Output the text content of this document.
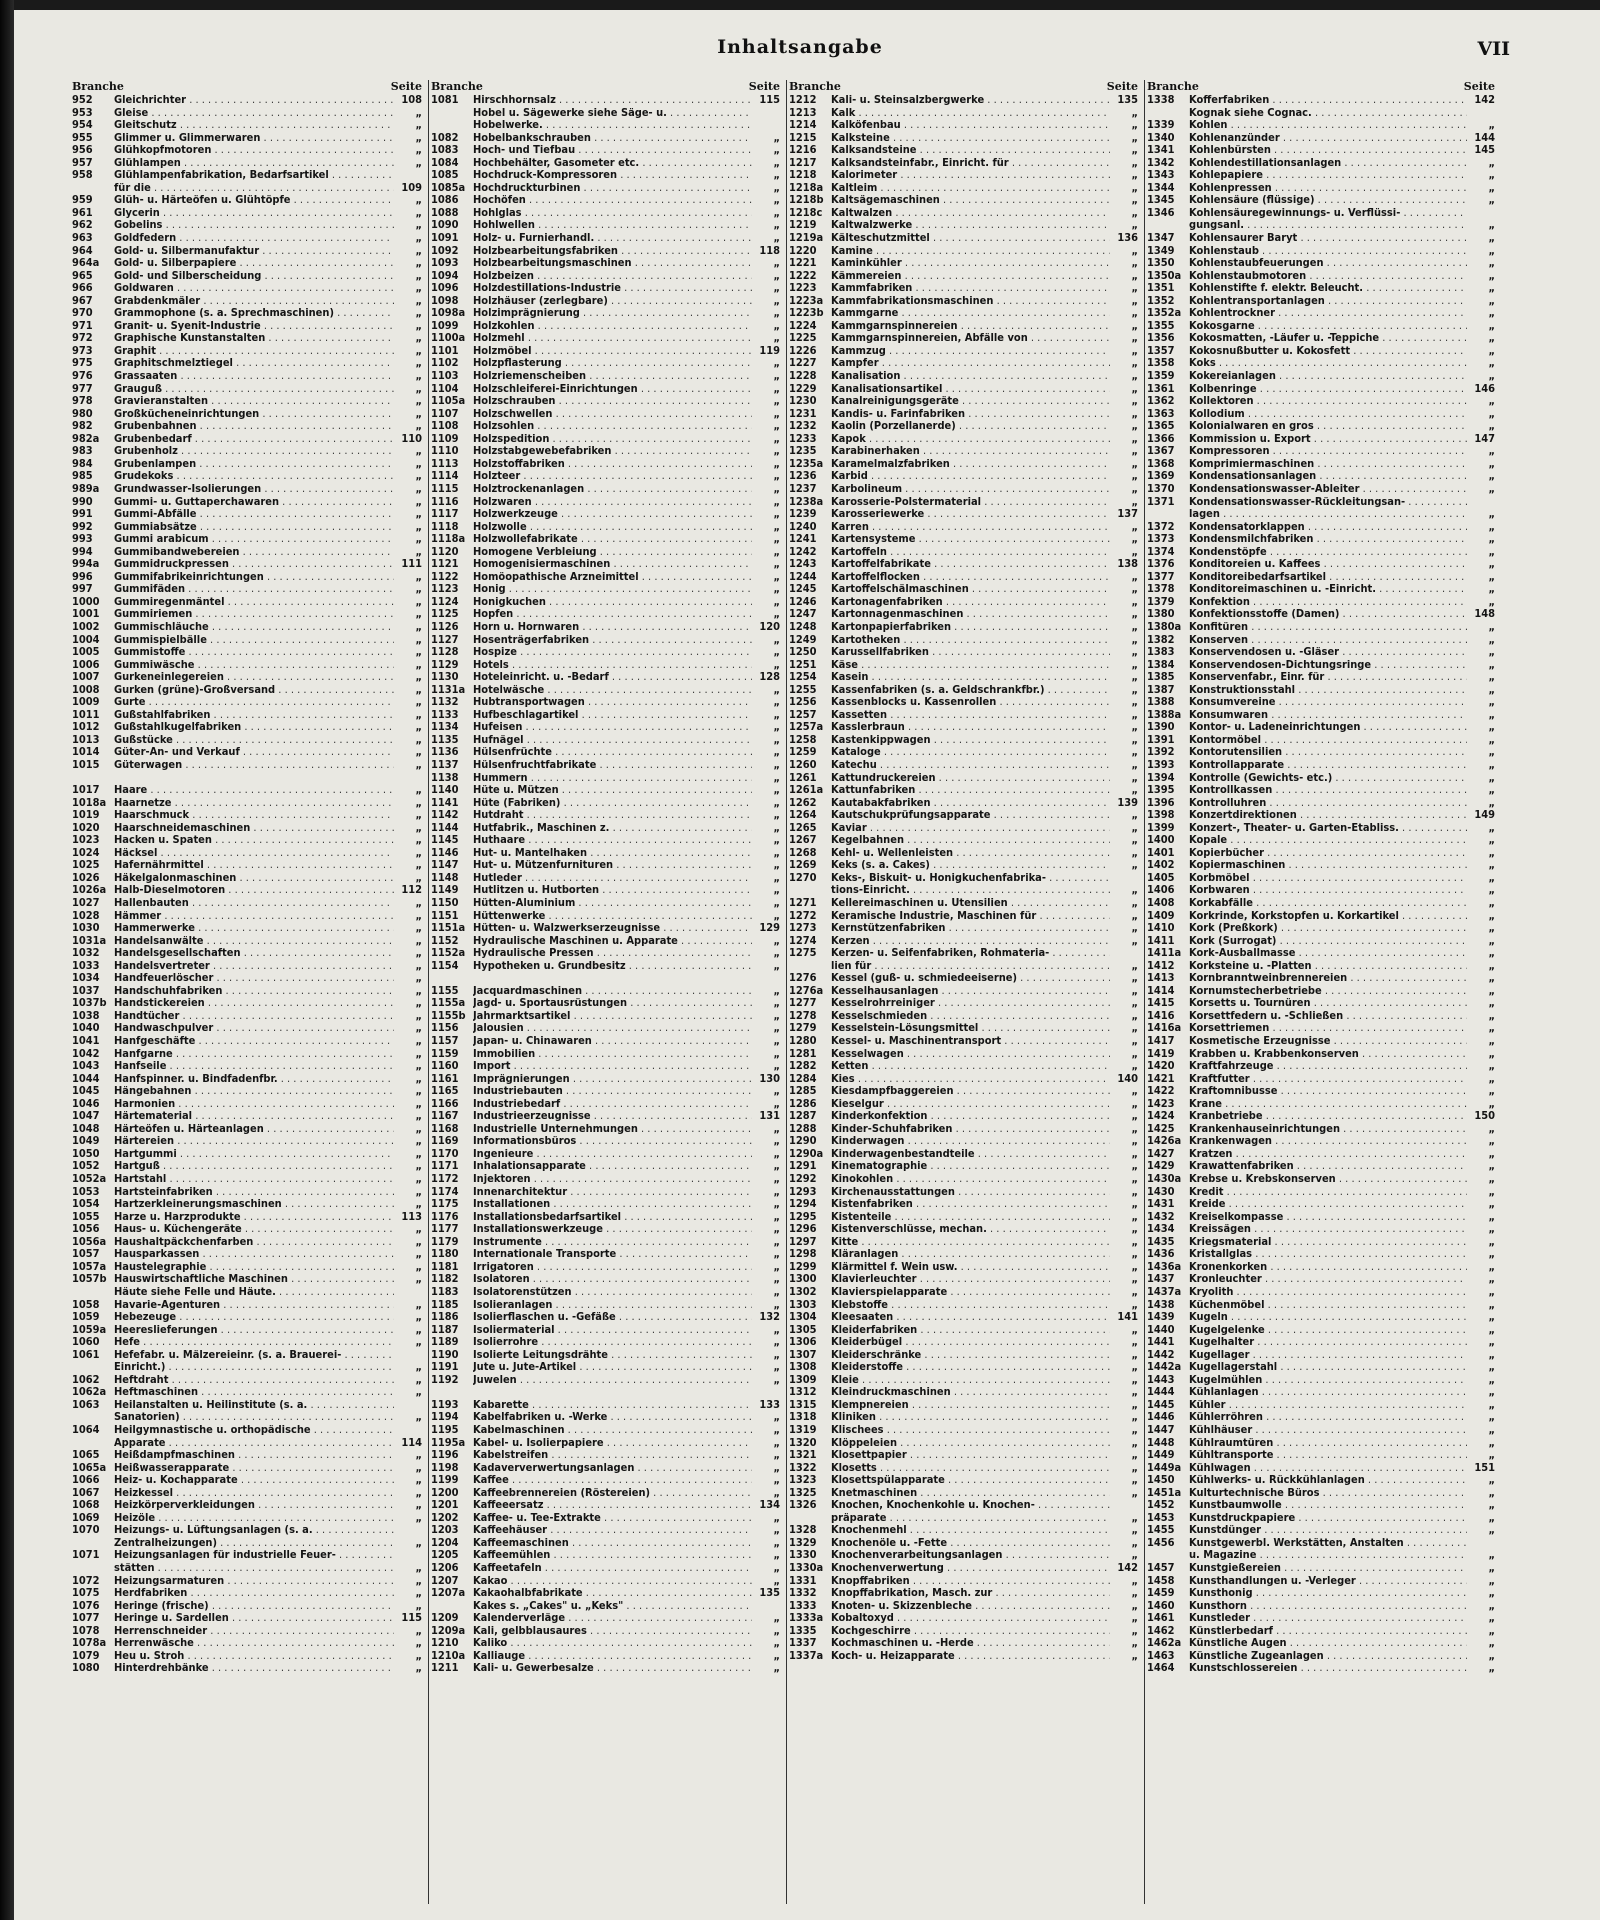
Inhaltsangabe	VII
Branche	Seite
952	Gleichrichter . . .	108
953	Gleise . . .	„
954	Gleitschutz . . .	„
955	Glimmer u. Glimmerwaren . . .	„
956	Glühkopfmotoren . . .	„
957	Glühlampen . . .	„
958	Glühlampenfabrikation, Bedarfsartikel . . .
für die . . .	109
959	Glüh- u. Härteöfen u. Glühtöpfe . . .	„
961	Glycerin . . .	„
962	Gobelins . . .	„
963	Goldfedern . . .	„
964	Gold- u. Silbermanufaktur . . .	„
964a	Gold- u. Silberpapiere . . .	„
965	Gold- und Silberscheidung . . .	„
966	Goldwaren . . .	„
967	Grabdenkmäler . . .	„
970	Grammophone (s. a. Sprechmaschinen) . . .	„
971	Granit- u. Syenit-Industrie . . .	„
972	Graphische Kunstanstalten . . .	„
973	Graphit . . .	„
975	Graphitschmelztiegel . . .	„
976	Grassaaten . . .	„
977	Grauguß . . .	„
978	Gravieranstalten . . .	„
980	Großkücheneinrichtungen . . .	„
982	Grubenbahnen . . .	„
982a	Grubenbedarf . . .	110
983	Grubenholz . . .	„
984	Grubenlampen . . .	„
985	Grudekoks . . .	„
989a	Grundwasser-Isolierungen . . .	„
990	Gummi- u. Guttaperchawaren . . .	„
991	Gummi-Abfälle . . .	„
992	Gummiabsätze . . .	„
993	Gummi arabicum . . .	„
994	Gummibandwebereien . . .	„
994a	Gummidruckpressen . . .	111
996	Gummifabrikeinrichtungen . . .	„
997	Gummifäden . . .	„
1000	Gummiregenmäntel . . .	„
1001	Gummiriemen . . .	„
1002	Gummischläuche . . .	„
1004	Gummispielbälle . . .	„
1005	Gummistoffe . . .	„
1006	Gummiwäsche . . .	„
1007	Gurkeneinlegereien . . .	„
1008	Gurken (grüne)-Großversand . . .	„
1009	Gurte . . .	„
1011	Gußstahlfabriken . . .	„
1012	Gußstahlkugelfabriken . . .	„
1013	Gußstücke . . .	„
1014	Güter-An- und Verkauf . . .	„
1015	Güterwagen . . .	„
1017	Haare . . .	„
1018a Haarnetze . . .	„
1019	Haarschmuck . . .	„
1020	Haarschneidemaschinen . . .	„
1023	Hacken u. Spaten . . .	„
1024	Häcksel . . .	„
1025	Hafernährmittel . . .	„
1026	Häkelgalonmaschinen . . .	„
1026a Halb-Dieselmotoren . . .	112
1027	Hallenbauten . . .	„
1028	Hämmer . . .	„
1030	Hammerwerke . . .	„
1031a Handelsanwälte . . .	„
1032	Handelsgesellschaften . . .	„
1033	Handelsvertreter . . .	„
1034	Handfeuerlöscher . . .	„
1037	Handschuhfabriken . . .	„
1037b Handstickereien . . .	„
1038	Handtücher . . .	„
1040	Handwaschpulver . . .	„
1041	Hanfgeschäfte . . .	„
1042	Hanfgarne . . .	„
1043	Hanfseile . . .	„
1044	Hanfspinner. u. Bindfadenfbr. . . .	„
1045	Hängebahnen . . .	„
1046	Harmonien . . .	„
1047	Härtematerial . . .	„
1048	Härteöfen u. Härteanlagen . . .	„
1049	Härtereien . . .	„
1050	Hartgummi . . .	„
1052	Hartguß . . .	„
1052a Hartstahl . . .	„
1053	Hartsteinfabriken . . .	„
1054	Hartzerkleinerungsmaschinen . . .	„
1055	Harze u. Harzprodukte . . .	113
1056	Haus- u. Küchengeräte . . .	„
1056a Haushaltpäckchenfarben . . .	„
1057	Hausparkassen . . .	„
1057a Haustelegraphie . . .	„
1057b Hauswirtschaftliche Maschinen . . .	„
Häute siehe Felle und Häute. . . .
1058	Havarie-Agenturen . . .	„
1059	Hebezeuge . . .	„
1059a Heereslieferungen . . .	„
1060	Hefe . . .	„
1061	Hefefabr. u. Mälzereieinr. (s. a. Brauerei- . . .
Einricht.) . . .	„
1062	Heftdraht . . .	„
1062a Heftmaschinen . . .	„
1063	Heilanstalten u. Heilinstitute (s. a. . . .
Sanatorien) . . .	„
1064	Heilgymnastische u. orthopädische . . .
Apparate . . .	114
1065	Heißdampfmaschinen . . .	„
1065a Heißwasserapparate . . .	„
1066	Heiz- u. Kochapparate . . .	„
1067	Heizkessel . . .	„
1068	Heizkörperverkleidungen . . .	„
1069	Heizöle . . .	„
1070	Heizungs- u. Lüftungsanlagen (s. a. . . .
Zentralheizungen) . . .	„
1071	Heizungsanlagen für industrielle Feuer- . . .
stätten . . .	„
1072	Heizungsarmaturen . . .	„
1075	Herdfabriken . . .	„
1076	Heringe (frische) . . .	„
1077	Heringe u. Sardellen . . .	115
1078	Herrenschneider . . .	„
1078a Herrenwäsche . . .	„
1079	Heu u. Stroh . . .	„
1080	Hinterdrehbänke . . .	„
Branche	Seite
1081	Hirschhornsalz . . .	115
Hobel u. Sägewerke siehe Säge- u. . . .
Hobelwerke. . . .
1082	Hobelbankschrauben . . .	„
1083	Hoch- und Tiefbau . . .	„
1084	Hochbehälter, Gasometer etc. . . .	„
1085	Hochdruck-Kompressoren . . .	„
1085a Hochdruckturbinen . . .	„
1086	Hochöfen . . .	„
1088	Hohlglas . . .	„
1090	Hohlwellen . . .	„
1091	Holz- u. Furnierhandl. . . .	„
1092	Holzbearbeitungsfabriken . . .	118
1093	Holzbearbeitungsmaschinen . . .	„
1094	Holzbeizen . . .	„
1096	Holzdestillations-Industrie . . .	„
1098	Holzhäuser (zerlegbare) . . .	„
1098a Holzimprägnierung . . .	„
1099	Holzkohlen . . .	„
1100a Holzmehl . . .	„
1101	Holzmöbel . . .	119
1102	Holzpflasterung . . .	„
1103	Holzriemenscheiben . . .	„
1104	Holzschleiferei-Einrichtungen . . .	„
1105a Holzschrauben . . .	„
1107	Holzschwellen . . .	„
1108	Holzsohlen . . .	„
1109	Holzspedition . . .	„
1110	Holzstabgewebefabriken . . .	„
1113	Holzstoffabriken . . .	„
1114	Holzteer . . .	„
1115	Holztrockenanlagen . . .	„
1116	Holzwaren . . .	„
1117	Holzwerkzeuge . . .	„
1118	Holzwolle . . .	„
1118a Holzwollefabrikate . . .	„
1120	Homogene Verbleiung . . .	„
1121	Homogenisiermaschinen . . .	„
1122	Homöopathische Arzneimittel . . .	„
1123	Honig . . .	„
1124	Honigkuchen . . .	„
1125	Hopfen . . .	„
1126	Horn u. Hornwaren . . .	120
1127	Hosenträgerfabriken . . .	„
1128	Hospize . . .	„
1129	Hotels . . .	„
1130	Hoteleinricht. u. -Bedarf . . .	128
1131a Hotelwäsche . . .	„
1132	Hubtransportwagen . . .	„
1133	Hufbeschlagartikel . . .	„
1134	Hufeisen . . .	„
1135	Hufnägel . . .	„
1136	Hülsenfrüchte . . .	„
1137	Hülsenfruchtfabrikate . . .	„
1138	Hummern . . .	„
1140	Hüte u. Mützen . . .	„
1141	Hüte (Fabriken) . . .	„
1142	Hutdraht . . .	„
1144	Hutfabrik., Maschinen z. . . .	„
1145	Huthaare . . .	„
1146	Hut- u. Mantelhaken . . .	„
1147	Hut- u. Mützenfurnituren . . .	„
1148	Hutleder . . .	„
1149	Hutlitzen u. Hutborten . . .	„
1150	Hütten-Aluminium . . .	„
1151	Hüttenwerke . . .	„
1151a Hütten- u. Walzwerkserzeugnisse . . .	129
1152	Hydraulische Maschinen u. Apparate . . .	„
1152a Hydraulische Pressen . . .	„
1154	Hypotheken u. Grundbesitz . . .	„
1155	Jacquardmaschinen . . .	„
1155a Jagd- u. Sportausrüstungen . . .	„
1155b Jahrmarktsartikel . . .	„
1156	Jalousien . . .	„
1157	Japan- u. Chinawaren . . .	„
1159	Immobilien . . .	„
1160	Import . . .	„
1161	Imprägnierungen . . .	130
1165	Industriebauten . . .	„
1166	Industriebedarf . . .	„
1167	Industrieerzeugnisse . . .	131
1168	Industrielle Unternehmungen . . .	„
1169	Informationsbüros . . .	„
1170	Ingenieure . . .	„
1171	Inhalationsapparate . . .	„
1172	Injektoren . . .	„
1174	Innenarchitektur . . .	„
1175	Installationen . . .	„
1176	Installationsbedarfsartikel . . .	„
1177	Installationswerkzeuge . . .	„
1179	Instrumente . . .	„
1180	Internationale Transporte . . .	„
1181	Irrigatoren . . .	„
1182	Isolatoren . . .	„
1183	Isolatorenstützen . . .	„
1185	Isolieranlagen . . .	„
1186	Isolierflaschen u. -Gefäße . . .	132
1187	Isoliermaterial . . .	„
1189	Isolierrohre . . .	„
1190	Isolierte Leitungsdrähte . . .	„
1191	Jute u. Jute-Artikel . . .	„
1192	Juwelen . . .	„
1193	Kabarette . . .	133
1194	Kabelfabriken u. -Werke . . .	„
1195	Kabelmaschinen . . .	„
1195a Kabel- u. Isolierpapiere . . .	„
1196	Kabelstreifen . . .	„
1198	Kadaververwertungsanlagen . . .	„
1199	Kaffee . . .	„
1200	Kaffeebrennereien (Röstereien) . . .	„
1201	Kaffeeersatz . . .	134
1202	Kaffee- u. Tee-Extrakte . . .	„
1203	Kaffeehäuser . . .	„
1204	Kaffeemaschinen . . .	„
1205	Kaffeemühlen . . .	„
1206	Kaffeetafeln . . .	„
1207	Kakao . . .	„
1207a Kakaohalbfabrikate . . .	135
Kakes s. „Cakes" u. „Keks" . . .
1209	Kalenderverläge . . .	„
1209a Kali, gelbblausaures . . .	„
1210	Kaliko . . .	„
1210a Kalliauge . . .	„
1211	Kali- u. Gewerbesalze . . .	„
Branche	Seite
1212	Kali- u. Steinsalzbergwerke . . .	135
1213	Kalk . . .	„
1214	Kalköfenbau . . .	„
1215	Kalksteine . . .	„
1216	Kalksandsteine . . .	„
1217	Kalksandsteinfabr., Einricht. für . . .	„
1218	Kalorimeter . . .	„
1218a Kaltleim . . .	„
1218b Kaltsägemaschinen . . .	„
1218c Kaltwalzen . . .	„
1219	Kaltwalzwerke . . .	„
1219a Kälteschutzmittel . . .	136
1220	Kamine . . .	„
1221	Kaminkühler . . .	„
1222	Kämmereien . . .	„
1223	Kammfabriken . . .	„
1223a Kammfabrikationsmaschinen . . .	„
1223b Kammgarne . . .	„
1224	Kammgarnspinnereien . . .	„
1225	Kammgarnspinnereien, Abfälle von . . .	„
1226	Kammzug . . .	„
1227	Kampfer . . .	„
1228	Kanalisation . . .	„
1229	Kanalisationsartikel . . .	„
1230	Kanalreinigungsgeräte . . .	„
1231	Kandis- u. Farinfabriken . . .	„
1232	Kaolin (Porzellanerde) . . .	„
1233	Kapok . . .	„
1235	Karabinerhaken . . .	„
1235a Karamelmalzfabriken . . .	„
1236	Karbid . . .	„
1237	Karbolineum . . .	„
1238a Karosserie-Polstermaterial . . .	„
1239	Karosseriewerke . . .	137
1240	Karren . . .	„
1241	Kartensysteme . . .	„
1242	Kartoffeln . . .	„
1243	Kartoffelfabrikate . . .	138
1244	Kartoffelflocken . . .	„
1245	Kartoffelschälmaschinen . . .	„
1246	Kartonagenfabriken . . .	„
1247	Kartonnagenmaschinen . . .	„
1248	Kartonpapierfabriken . . .	„
1249	Kartotheken . . .	„
1250	Karussellfabriken . . .	„
1251	Käse . . .	„
1254	Kasein . . .	„
1255	Kassenfabriken (s. a. Geldschrankfbr.) . . .	„
1256	Kassenblocks u. Kassenrollen . . .	„
1257	Kassetten . . .	„
1257a Kasslerbraun . . .	„
1258	Kastenkippwagen . . .	„
1259	Kataloge . . .	„
1260	Katechu . . .	„
1261	Kattundruckereien . . .	„
1261a Kattunfabriken . . .	„
1262	Kautabakfabriken . . .	139
1264	Kautschukprüfungsapparate . . .	„
1265	Kaviar . . .	„
1267	Kegelbahnen . . .	„
1268	Kehl- u. Wellenleisten . . .	„
1269	Keks (s. a. Cakes) . . .	„
1270	Keks-, Biskuit- u. Honigkuchenfabrika- . . .
tions-Einricht. . . .	„
1271	Kellereimaschinen u. Utensilien . . .	„
1272	Keramische Industrie, Maschinen für . . .	„
1273	Kernstützenfabriken . . .	„
1274	Kerzen . . .	„
1275	Kerzen- u. Seifenfabriken, Rohmateria- . . .
lien für . . .	„
1276	Kessel (guß- u. schmiedeeiserne) . . .	„
1276a Kesselhausanlagen . . .	„
1277	Kesselrohrreiniger . . .	„
1278	Kesselschmieden . . .	„
1279	Kesselstein-Lösungsmittel . . .	„
1280	Kessel- u. Maschinentransport . . .	„
1281	Kesselwagen . . .	„
1282	Ketten . . .	„
1284	Kies . . .	140
1285	Kiesdampfbaggereien . . .	„
1286	Kieselgur . . .	„
1287	Kinderkonfektion . . .	„
1288	Kinder-Schuhfabriken . . .	„
1290	Kinderwagen . . .	„
1290a Kinderwagenbestandteile . . .	„
1291	Kinematographie . . .	„
1292	Kinokohlen . . .	„
1293	Kirchenausstattungen . . .	„
1294	Kistenfabriken . . .	„
1295	Kistenteile . . .	„
1296	Kistenverschlüsse, mechan. . . .	„
1297	Kitte . . .	„
1298	Kläranlagen . . .	„
1299	Klärmittel f. Wein usw. . . .	„
1300	Klavierleuchter . . .	„
1302	Klavierspielapparate . . .	„
1303	Klebstoffe . . .	„
1304	Kleesaaten . . .	141
1305	Kleiderfabriken . . .	„
1306	Kleiderbügel . . .	„
1307	Kleiderschränke . . .	„
1308	Kleiderstoffe . . .	„
1309	Kleie . . .	„
1312	Kleindruckmaschinen . . .	„
1315	Klempnereien . . .	„
1318	Kliniken . . .	„
1319	Klischees . . .	„
1320	Klöppeleien . . .	„
1321	Klosettpapier . . .	„
1322	Klosetts . . .	„
1323	Klosettspülapparate . . .	„
1325	Knetmaschinen . . .	„
1326	Knochen, Knochenkohle u. Knochen- . . .
präparate . . .	„
1328	Knochenmehl . . .	„
1329	Knochenöle u. -Fette . . .	„
1330	Knochenverarbeitungsanlagen . . .	„
1330a Knochenverwertung . . .	142
1331	Knopffabriken . . .	„
1332	Knopffabrikation, Masch. zur . . .	„
1333	Knoten- u. Skizzenbleche . . .	„
1333a Kobaltoxyd . . .	„
1335	Kochgeschirre . . .	„
1337	Kochmaschinen u. -Herde . . .	„
1337a Koch- u. Heizapparate . . .	„
Branche	Seite
1338	Kofferfabriken . . .	142
Kognak siehe Cognac. . . .
1339	Kohlen . . .	„
1340	Kohlenanzünder . . .	144
1341	Kohlenbürsten . . .	145
1342	Kohlendestillationsanlagen . . .	„
1343	Kohlepapiere . . .	„
1344	Kohlenpressen . . .	„
1345	Kohlensäure (flüssige) . . .	„
1346	Kohlensäuregewinnungs- u. Verflüssi- . . .
gungsanl. . . .	„
1347	Kohlensaurer Baryt . . .	„
1349	Kohlenstaub . . .	„
1350	Kohlenstaubfeuerungen . . .	„
1350a Kohlenstaubmotoren . . .	„
1351	Kohlenstifte f. elektr. Beleucht. . . .	„
1352	Kohlentransportanlagen . . .	„
1352a Kohlentrockner . . .	„
1355	Kokosgarne . . .	„
1356	Kokosmatten, -Läufer u. -Teppiche . . .	„
1357	Kokosnußbutter u. Kokosfett . . .	„
1358	Koks . . .	„
1359	Kokereianlagen . . .	„
1361	Kolbenringe . . .	146
1362	Kollektoren . . .	„
1363	Kollodium . . .	„
1365	Kolonialwaren en gros . . .	„
1366	Kommission u. Export . . .	147
1367	Kompressoren . . .	„
1368	Komprimiermaschinen . . .	„
1369	Kondensationsanlagen . . .	„
1370	Kondensationswasser-Ableiter . . .	„
1371	Kondensationswasser-Rückleitungsan- . . .
lagen . . .	„
1372	Kondensatorklappen . . .	„
1373	Kondensmilchfabriken . . .	„
1374	Kondenstöpfe . . .	„
1376	Konditoreien u. Kaffees . . .	„
1377	Konditoreibedarfsartikel . . .	„
1378	Konditoreimaschinen u. -Einricht. . . .	„
1379	Konfektion . . .	„
1380	Konfektionsstoffe (Damen) . . .	148
1380a Konfitüren . . .	„
1382	Konserven . . .	„
1383	Konservendosen u. -Gläser . . .	„
1384	Konservendosen-Dichtungsringe . . .	„
1385	Konservenfabr., Einr. für . . .	„
1387	Konstruktionsstahl . . .	„
1388	Konsumvereine . . .	„
1388a Konsumwaren . . .	„
1390	Kontor- u. Ladeneinrichtungen . . .	„
1391	Kontormöbel . . .	„
1392	Kontorutensilien . . .	„
1393	Kontrollapparate . . .	„
1394	Kontrolle (Gewichts- etc.) . . .	„
1395	Kontrollkassen . . .	„
1396	Kontrolluhren . . .	„
1398	Konzertdirektionen . . .	149
1399	Konzert-, Theater- u. Garten-Etabliss. . . .	„
1400	Kopale . . .	„
1401	Kopierbücher . . .	„
1402	Kopiermaschinen . . .	„
1405	Korbmöbel . . .	„
1406	Korbwaren . . .	„
1408	Korkabfälle . . .	„
1409	Korkrinde, Korkstopfen u. Korkartikel . . .	„
1410	Kork (Preßkork) . . .	„
1411	Kork (Surrogat) . . .	„
1411a Kork-Ausballmasse . . .	„
1412	Korksteine u. -Platten . . .	„
1413	Kornbranntweinbrennereien . . .	„
1414	Kornumstecherbetriebe . . .	„
1415	Korsetts u. Tournüren . . .	„
1416	Korsettfedern u. -Schließen . . .	„
1416a Korsettriemen . . .	„
1417	Kosmetische Erzeugnisse . . .	„
1419	Krabben u. Krabbenkonserven . . .	„
1420	Kraftfahrzeuge . . .	„
1421	Kraftfutter . . .	„
1422	Kraftomnibusse . . .	„
1423	Krane . . .	„
1424	Kranbetriebe . . .	150
1425	Krankenhauseinrichtungen . . .	„
1426a Krankenwagen . . .	„
1427	Kratzen . . .	„
1429	Krawattenfabriken . . .	„
1430a Krebse u. Krebskonserven . . .	„
1430	Kredit . . .	„
1431	Kreide . . .	„
1432	Kreiselkompasse . . .	„
1434	Kreissägen . . .	„
1435	Kriegsmaterial . . .	„
1436	Kristallglas . . .	„
1436a Kronenkorken . . .	„
1437	Kronleuchter . . .	„
1437a Kryolith . . .	„
1438	Küchenmöbel . . .	„
1439	Kugeln . . .	„
1440	Kugelgelenke . . .	„
1441	Kugelhalter . . .	„
1442	Kugellager . . .	„
1442a Kugellagerstahl . . .	„
1443	Kugelmühlen . . .	„
1444	Kühlanlagen . . .	„
1445	Kühler . . .	„
1446	Kühlerröhren . . .	„
1447	Kühlhäuser . . .	„
1448	Kühlraumtüren . . .	„
1449	Kühltransporte . . .	„
1449a Kühlwagen . . .	151
1450	Kühlwerks- u. Rückkühlanlagen . . .	„
1451a Kulturtechnische Büros . . .	„
1452	Kunstbaumwolle . . .	„
1453	Kunstdruckpapiere . . .	„
1455	Kunstdünger . . .	„
1456	Kunstgewerbl. Werkstätten, Anstalten . . .
u. Magazine . . .	„
1457	Kunstgießereien . . .	„
1458	Kunsthandlungen u. -Verleger . . .	„
1459	Kunsthonig . . .	„
1460	Kunsthorn . . .	„
1461	Kunstleder . . .	„
1462	Künstlerbedarf . . .	„
1462a Künstliche Augen . . .	„
1463	Künstliche Zugeanlagen . . .	„
1464	Kunstschlossereien . . .	„
